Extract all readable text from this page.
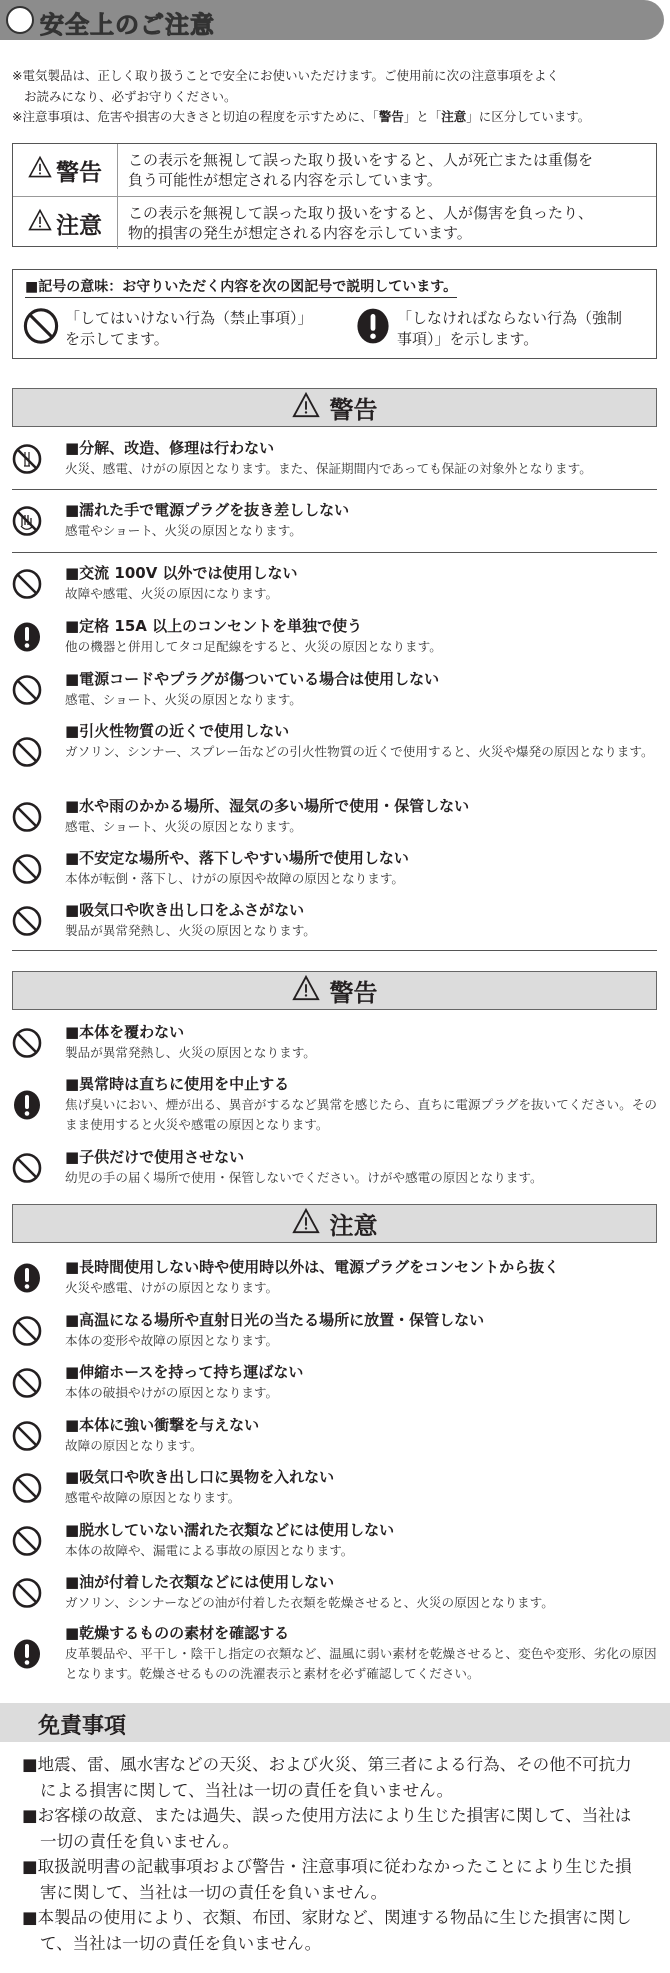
安全上のご注意
※電気製品は、正しく取り扱うことで安全にお使いいただけます。ご使用前に次の注意事項をよく
お読みになり、必ずお守りください。
※注意事項は、危害や損害の大きさと切迫の程度を示すために、「警告」と「注意」に区分しています。
警告 この表示を無視して誤った取り扱いをすると、人が死亡または重傷を
負う可能性が想定される内容を示しています。
注意 この表示を無視して誤った取り扱いをすると、人が傷害を負ったり、
物的損害の発生が想定される内容を示しています。
■記号の意味：お守りいただく内容を次の図記号で説明しています。
「してはいけない行為（禁止事項）」
を示してます。
「しなければならない行為（強制
事項）」を示します。
警告
■分解、改造、修理は行わない
火災、感電、けがの原因となります。また、保証期間内であっても保証の対象外となります。
■濡れた手で電源プラグを抜き差ししない
感電やショート、火災の原因となります。
■交流 100V 以外では使用しない
故障や感電、火災の原因になります。
■定格 15A 以上のコンセントを単独で使う
他の機器と併用してタコ足配線をすると、火災の原因となります。
■電源コードやプラグが傷ついている場合は使用しない
感電、ショート、火災の原因となります。
■引火性物質の近くで使用しない
ガソリン、シンナー、スプレー缶などの引火性物質の近くで使用すると、火災や爆発の原因となります。
■水や雨のかかる場所、湿気の多い場所で使用・保管しない
感電、ショート、火災の原因となります。
■不安定な場所や、落下しやすい場所で使用しない
本体が転倒・落下し、けがの原因や故障の原因となります。
■吸気口や吹き出し口をふさがない
製品が異常発熱し、火災の原因となります。
警告
■本体を覆わない
製品が異常発熱し、火災の原因となります。
■異常時は直ちに使用を中止する
焦げ臭いにおい、煙が出る、異音がするなど異常を感じたら、直ちに電源プラグを抜いてください。そのまま使用すると火災や感電の原因となります。
■子供だけで使用させない
幼児の手の届く場所で使用・保管しないでください。けがや感電の原因となります。
注意
■長時間使用しない時や使用時以外は、電源プラグをコンセントから抜く
火災や感電、けがの原因となります。
■高温になる場所や直射日光の当たる場所に放置・保管しない
本体の変形や故障の原因となります。
■伸縮ホースを持って持ち運ばない
本体の破損やけがの原因となります。
■本体に強い衝撃を与えない
故障の原因となります。
■吸気口や吹き出し口に異物を入れない
感電や故障の原因となります。
■脱水していない濡れた衣類などには使用しない
本体の故障や、漏電による事故の原因となります。
■油が付着した衣類などには使用しない
ガソリン、シンナーなどの油が付着した衣類を乾燥させると、火災の原因となります。
■乾燥するものの素材を確認する
皮革製品や、平干し・陰干し指定の衣類など、温風に弱い素材を乾燥させると、変色や変形、劣化の原因となります。乾燥させるものの洗濯表示と素材を必ず確認してください。
免責事項
■地震、雷、風水害などの天災、および火災、第三者による行為、その他不可抗力による損害に関して、当社は一切の責任を負いません。
■お客様の故意、または過失、誤った使用方法により生じた損害に関して、当社は一切の責任を負いません。
■取扱説明書の記載事項および警告・注意事項に従わなかったことにより生じた損害に関して、当社は一切の責任を負いません。
■本製品の使用により、衣類、布団、家財など、関連する物品に生じた損害に関して、当社は一切の責任を負いません。
